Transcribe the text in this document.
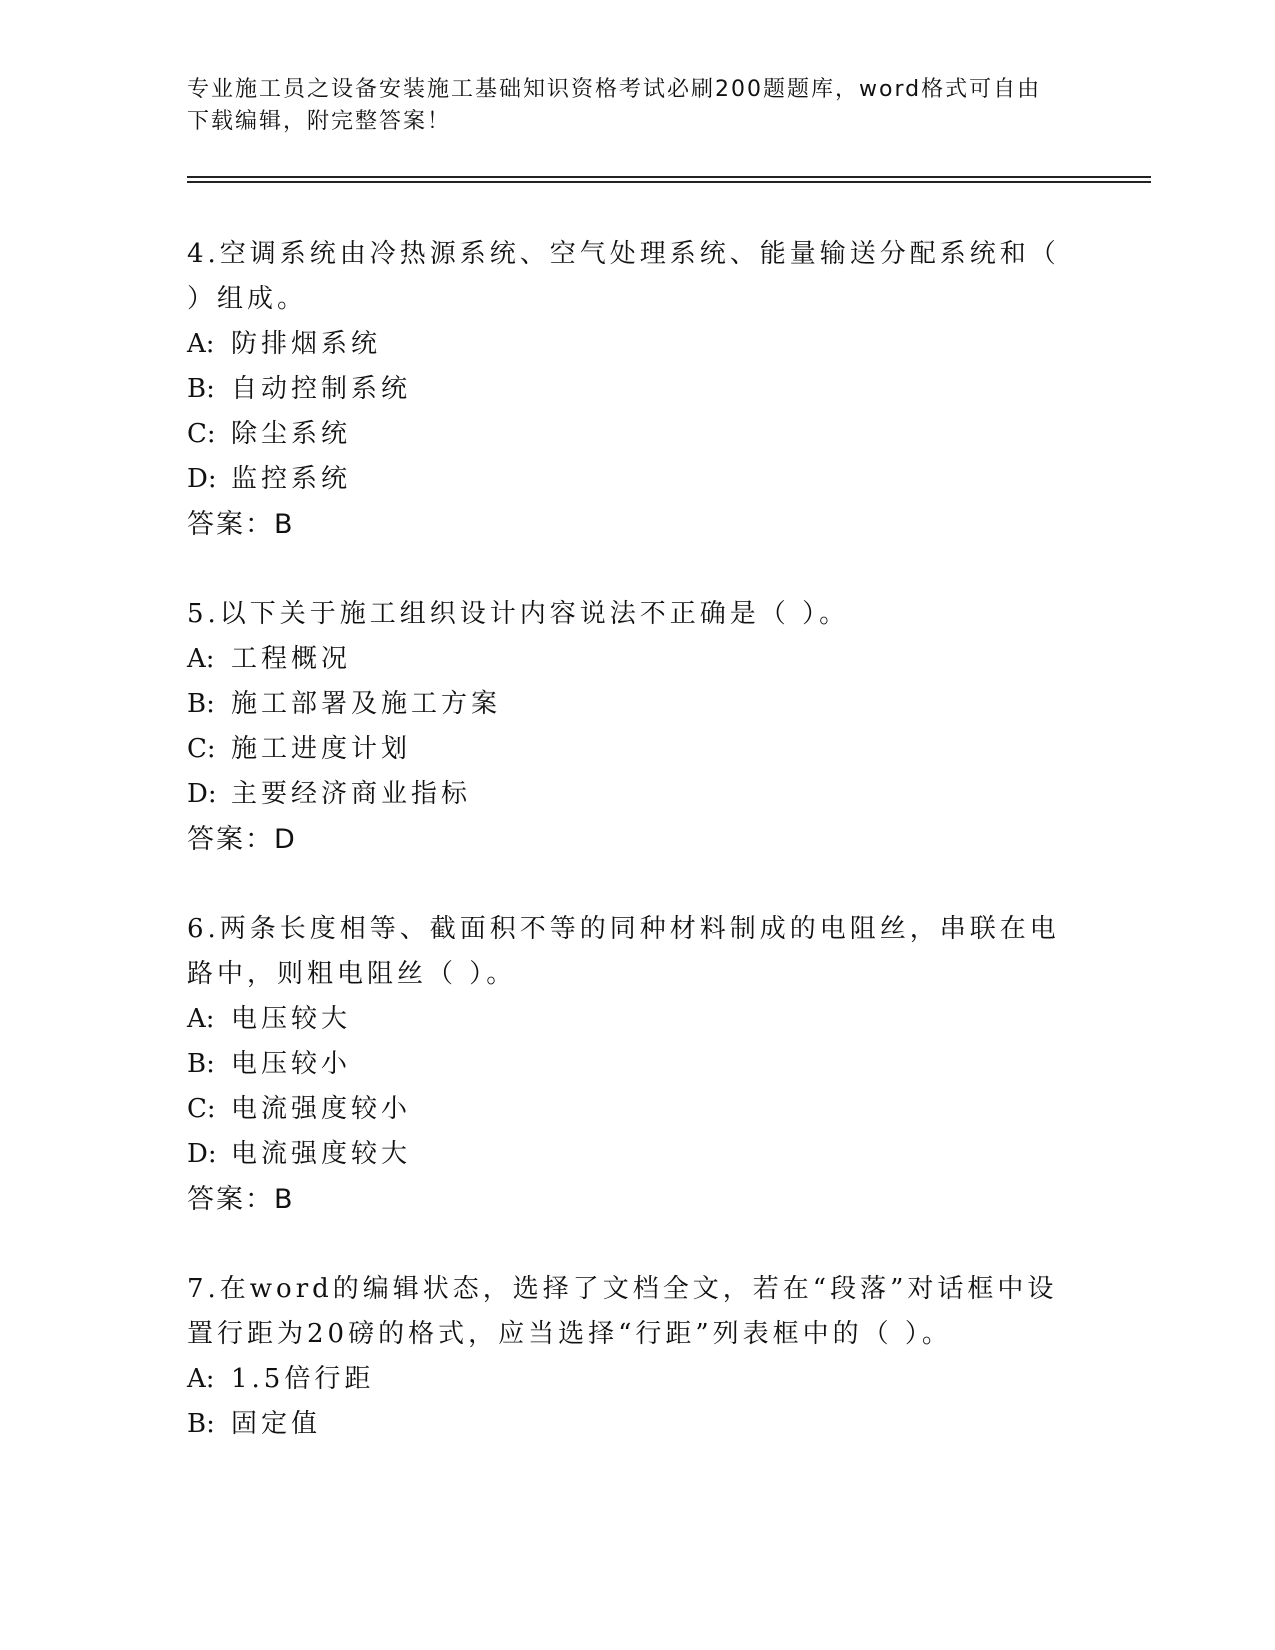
专业施工员之设备安装施工基础知识资格考试必刷200题题库，word格式可自由
下载编辑，附完整答案！
4.空调系统由冷热源系统、空气处理系统、能量输送分配系统和（ ）组成。
A: 防排烟系统
B: 自动控制系统
C: 除尘系统
D: 监控系统
答案：B
5.以下关于施工组织设计内容说法不正确是（ ）。
A: 工程概况
B: 施工部署及施工方案
C: 施工进度计划
D: 主要经济商业指标
答案：D
6.两条长度相等、截面积不等的同种材料制成的电阻丝，串联在电路中，则粗电阻丝（ ）。
A: 电压较大
B: 电压较小
C: 电流强度较小
D: 电流强度较大
答案：B
7.在word的编辑状态，选择了文档全文，若在“段落”对话框中设置行距为20磅的格式，应当选择“行距”列表框中的（ ）。
A: 1.5倍行距
B: 固定值
